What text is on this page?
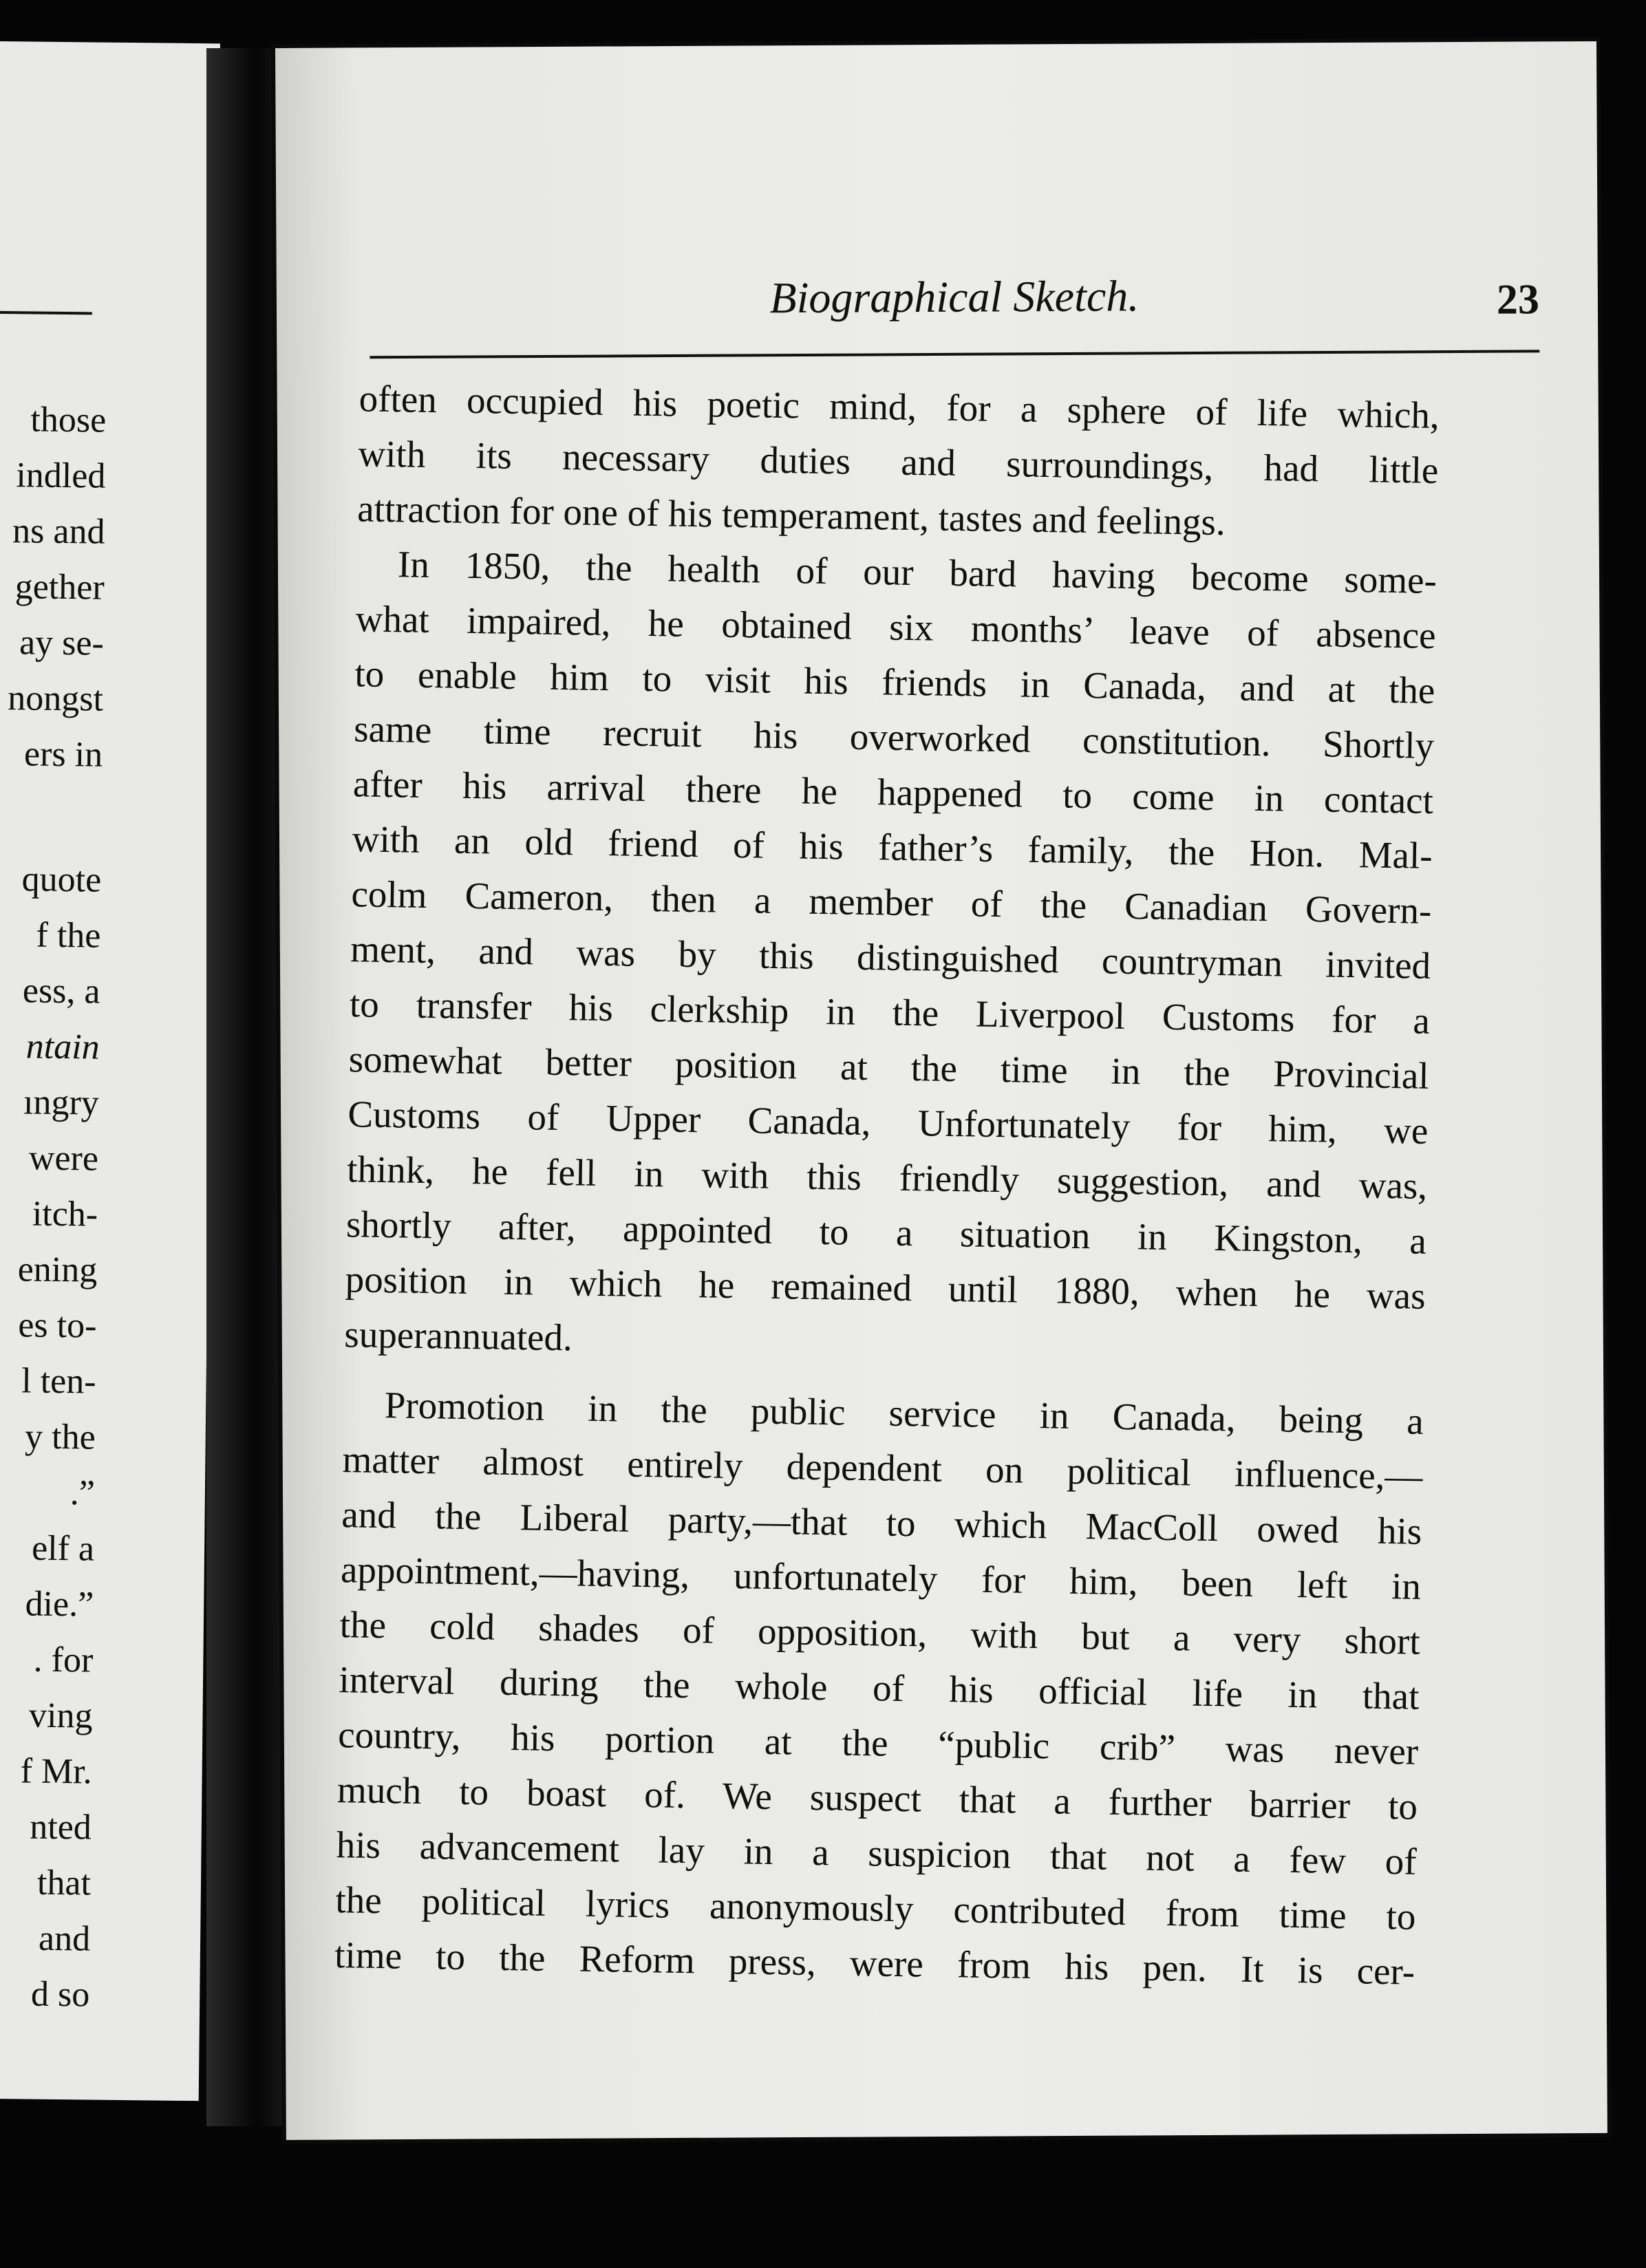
those
indled
ns and
gether
ay se-
nongst
ers in
quote
f the
ess, a
ntain
ıngry
were
itch-
ening
es to-
l ten-
y the
.”
elf a
die.”
. for
ving
f Mr.
nted
that
and
d so
Biographical Sketch.	23
often occupied his poetic mind, for a sphere of life which,
with its necessary duties and surroundings, had little
attraction for one of his temperament, tastes and feelings.
In 1850, the health of our bard having become some-
what impaired, he obtained six months’ leave of absence
to enable him to visit his friends in Canada, and at the
same time recruit his overworked constitution. Shortly
after his arrival there he happened to come in contact
with an old friend of his father’s family, the Hon. Mal-
colm Cameron, then a member of the Canadian Govern-
ment, and was by this distinguished countryman invited
to transfer his clerkship in the Liverpool Customs for a
somewhat better position at the time in the Provincial
Customs of Upper Canada, Unfortunately for him, we
think, he fell in with this friendly suggestion, and was,
shortly after, appointed to a situation in Kingston, a
position in which he remained until 1880, when he was
superannuated.
Promotion in the public service in Canada, being a
matter almost entirely dependent on political influence,—
and the Liberal party,—that to which MacColl owed his
appointment,—having, unfortunately for him, been left in
the cold shades of opposition, with but a very short
interval during the whole of his official life in that
country, his portion at the “public crib” was never
much to boast of. We suspect that a further barrier to
his advancement lay in a suspicion that not a few of
the political lyrics anonymously contributed from time to
time to the Reform press, were from his pen. It is cer-
